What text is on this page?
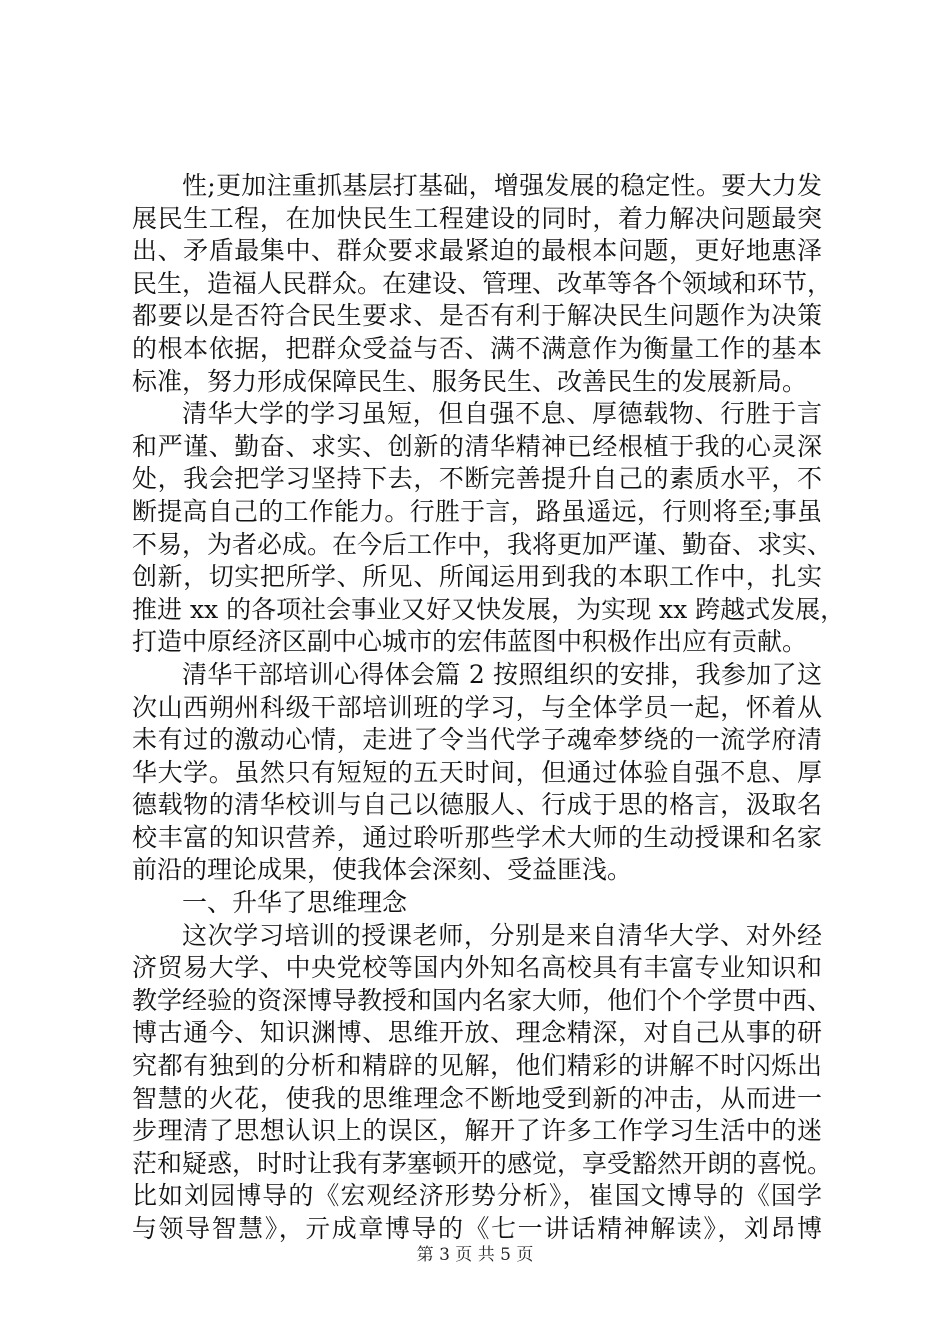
性;更加注重抓基层打基础，增强发展的稳定性。要大力发
展民生工程，在加快民生工程建设的同时，着力解决问题最突
出、矛盾最集中、群众要求最紧迫的最根本问题，更好地惠泽
民生，造福人民群众。在建设、管理、改革等各个领域和环节，
都要以是否符合民生要求、是否有利于解决民生问题作为决策
的根本依据，把群众受益与否、满不满意作为衡量工作的基本
标准，努力形成保障民生、服务民生、改善民生的发展新局。
清华大学的学习虽短，但自强不息、厚德载物、行胜于言
和严谨、勤奋、求实、创新的清华精神已经根植于我的心灵深
处，我会把学习坚持下去，不断完善提升自己的素质水平，不
断提高自己的工作能力。行胜于言，路虽遥远，行则将至;事虽
不易，为者必成。在今后工作中，我将更加严谨、勤奋、求实、
创新，切实把所学、所见、所闻运用到我的本职工作中，扎实
推进 xx 的各项社会事业又好又快发展，为实现 xx 跨越式发展，
打造中原经济区副中心城市的宏伟蓝图中积极作出应有贡献。
清华干部培训心得体会篇 2 按照组织的安排，我参加了这
次山西朔州科级干部培训班的学习，与全体学员一起，怀着从
未有过的激动心情，走进了令当代学子魂牵梦绕的一流学府清
华大学。虽然只有短短的五天时间，但通过体验自强不息、厚
德载物的清华校训与自己以德服人、行成于思的格言，汲取名
校丰富的知识营养，通过聆听那些学术大师的生动授课和名家
前沿的理论成果，使我体会深刻、受益匪浅。
一、升华了思维理念
这次学习培训的授课老师，分别是来自清华大学、对外经
济贸易大学、中央党校等国内外知名高校具有丰富专业知识和
教学经验的资深博导教授和国内名家大师，他们个个学贯中西、
博古通今、知识渊博、思维开放、理念精深，对自己从事的研
究都有独到的分析和精辟的见解，他们精彩的讲解不时闪烁出
智慧的火花，使我的思维理念不断地受到新的冲击，从而进一
步理清了思想认识上的误区，解开了许多工作学习生活中的迷
茫和疑惑，时时让我有茅塞顿开的感觉，享受豁然开朗的喜悦。
比如刘园博导的《宏观经济形势分析》，崔国文博导的《国学
与领导智慧》，亓成章博导的《七一讲话精神解读》，刘昂博
第 3 页 共 5 页
